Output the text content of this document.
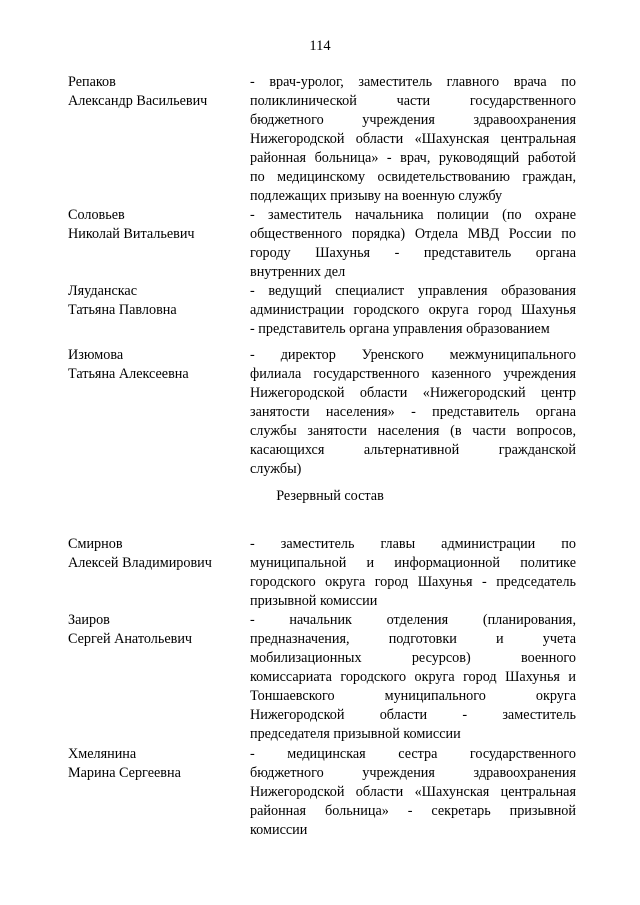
114
Репаков
Александр Васильевич
- врач-уролог, заместитель главного врача по
поликлинической части государственного
бюджетного учреждения здравоохранения
Нижегородской области «Шахунская центральная
районная больница» - врач, руководящий работой
по медицинскому освидетельствованию граждан,
подлежащих призыву на военную службу
Соловьев
Николай Витальевич
- заместитель начальника полиции (по охране
общественного порядка) Отдела МВД России по
городу Шахунья - представитель органа
внутренних дел
Ляуданскас
Татьяна Павловна
- ведущий специалист управления образования
администрации городского округа город Шахунья
- представитель органа управления образованием
Изюмова
Татьяна Алексеевна
- директор Уренского межмуниципального
филиала государственного казенного учреждения
Нижегородской области «Нижегородский центр
занятости населения» - представитель органа
службы занятости населения (в части вопросов,
касающихся альтернативной гражданской
службы)
Резервный состав
Смирнов
Алексей Владимирович
- заместитель главы администрации по
муниципальной и информационной политике
городского округа город Шахунья - председатель
призывной комиссии
Заиров
Сергей Анатольевич
- начальник отделения (планирования,
предназначения, подготовки и учета
мобилизационных ресурсов) военного
комиссариата городского округа город Шахунья и
Тоншаевского муниципального округа
Нижегородской области - заместитель
председателя призывной комиссии
Хмелянина
Марина Сергеевна
- медицинская сестра государственного
бюджетного учреждения здравоохранения
Нижегородской области «Шахунская центральная
районная больница» - секретарь призывной
комиссии
